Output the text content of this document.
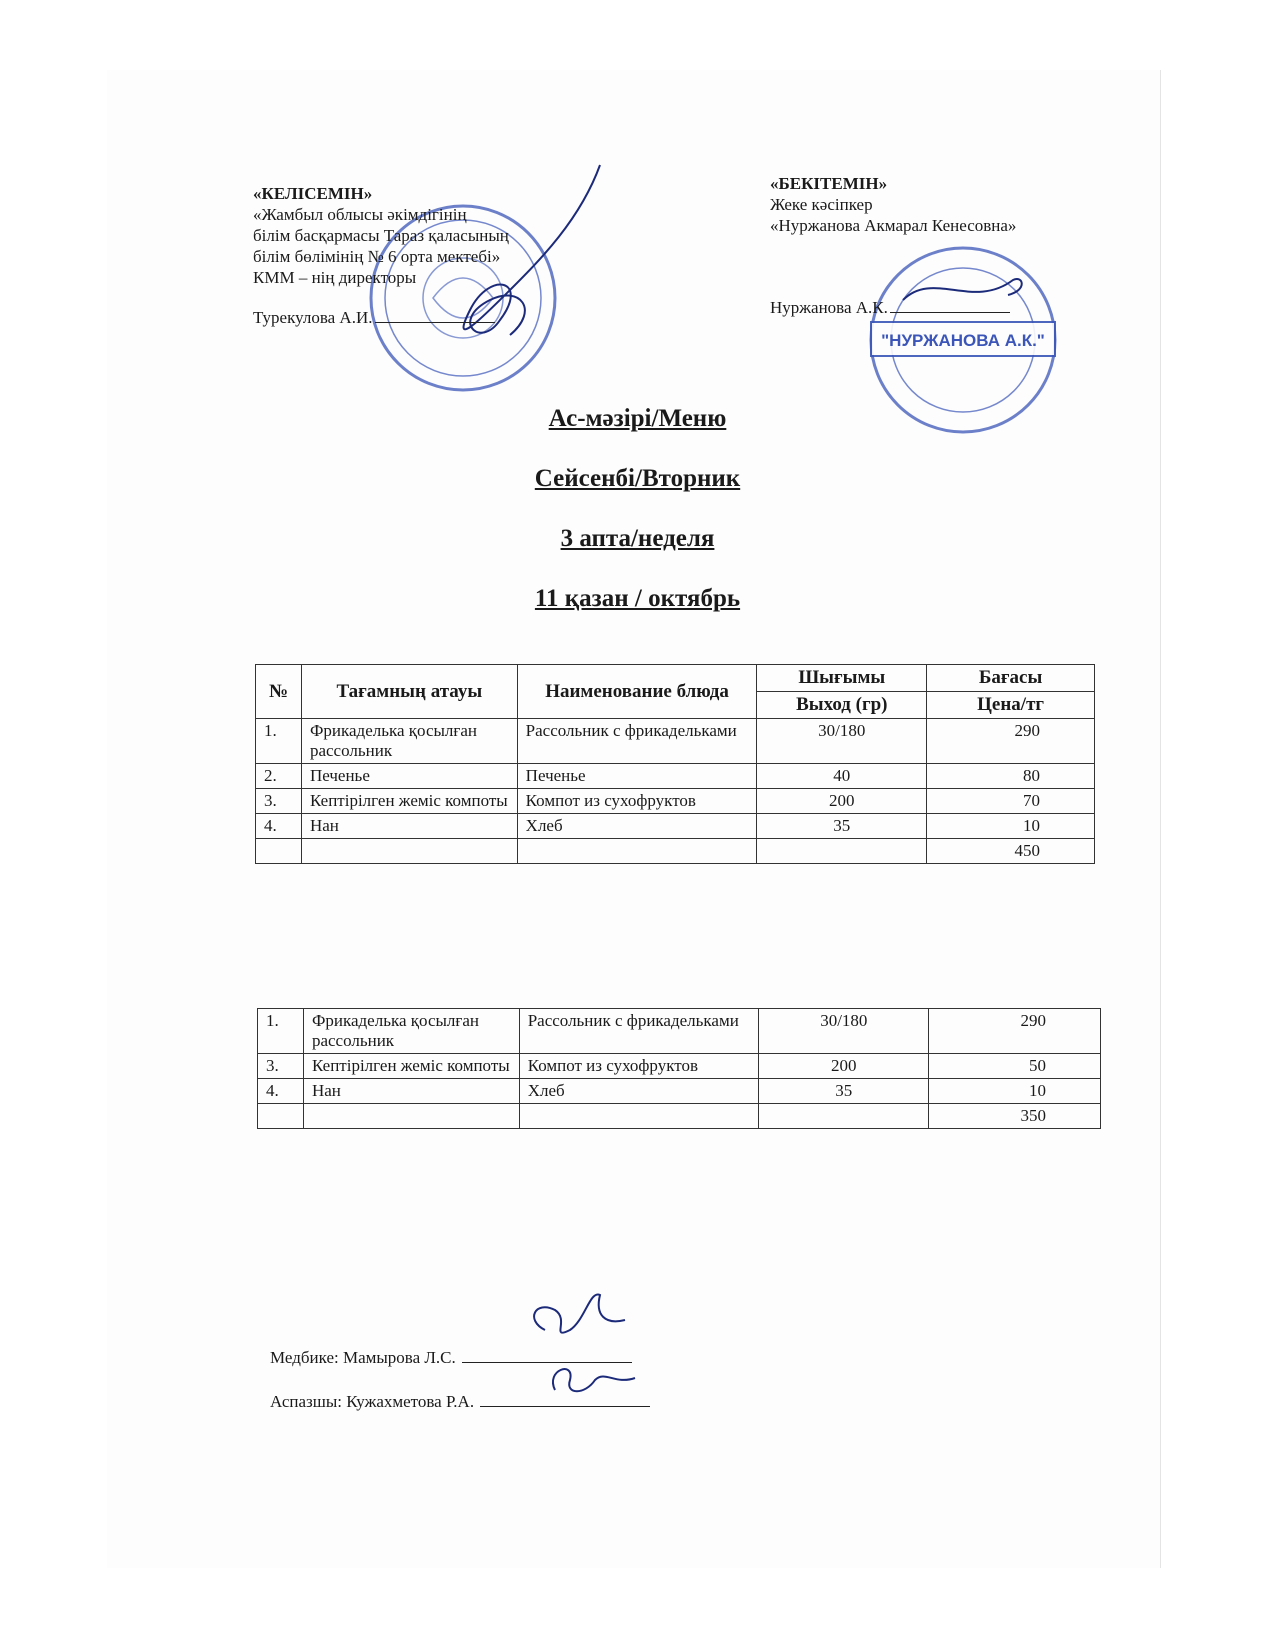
"НУРЖАНОВА А.К."
«КЕЛІСЕМІН»
«Жамбыл облысы әкімдігінің
білім басқармасы Тараз қаласының
білім бөлімінің № 6 орта мектебі»
КММ – нің директоры
Турекулова А.И.
«БЕКІТЕМІН»
Жеке кәсіпкер
«Нуржанова Акмарал Кенесовна»
Нуржанова А.К.
Ас-мәзірі/Меню
Сейсенбі/Вторник
3 апта/неделя
11 қазан / октябрь
№	Тағамның атауы	Наименование блюда	Шығымы	Бағасы
			Выход (гр)	Цена/тг
1.	Фрикаделька қосылған рассольник	Рассольник с фрикадельками	30/180	290
2.	Печенье	Печенье	40	80
3.	Кептірілген жеміс компоты	Компот из сухофруктов	200	70
4.	Нан	Хлеб	35	10
				450
1.	Фрикаделька қосылған рассольник	Рассольник с фрикадельками	30/180	290
3.	Кептірілген жеміс компоты	Компот из сухофруктов	200	50
4.	Нан	Хлеб	35	10
				350
Медбике: Мамырова Л.С.
Аспазшы: Кужахметова Р.А.
